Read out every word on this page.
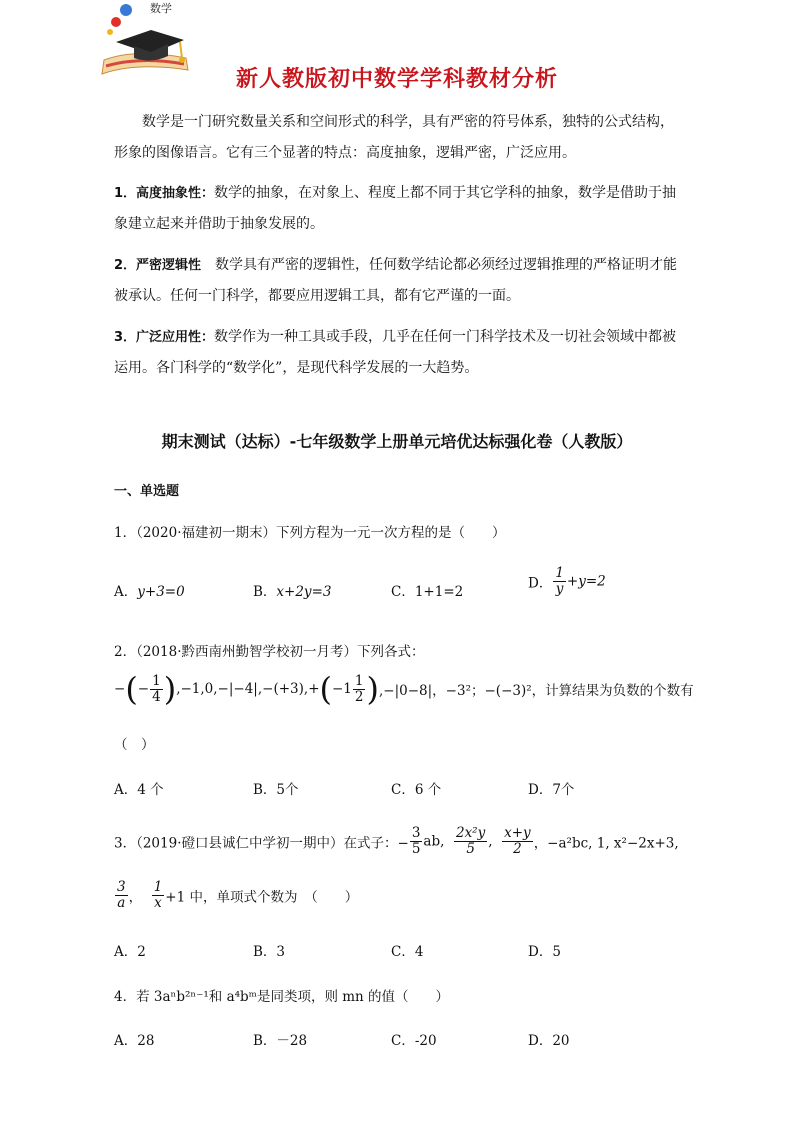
数学
新人教版初中数学学科教材分析
数学是一门研究数量关系和空间形式的科学，具有严密的符号体系，独特的公式结构，形象的图像语言。它有三个显著的特点：高度抽象，逻辑严密，广泛应用。
1．高度抽象性：数学的抽象，在对象上、程度上都不同于其它学科的抽象，数学是借助于抽象建立起来并借助于抽象发展的。
2．严密逻辑性　数学具有严密的逻辑性，任何数学结论都必须经过逻辑推理的严格证明才能被承认。任何一门科学，都要应用逻辑工具，都有它严谨的一面。
3．广泛应用性：数学作为一种工具或手段，几乎在任何一门科学技术及一切社会领域中都被运用。各门科学的“数学化”，是现代科学发展的一大趋势。
期末测试（达标）-七年级数学上册单元培优达标强化卷（人教版）
一、单选题
1．（2020·福建初一期末）下列方程为一元一次方程的是（　　）
A．y+3=0	B．x+2y=3	C．1+1=2
D． $\frac{1}{y} +y=2$
2．（2018·黔西南州勤智学校初一月考）下列各式：
−(− $\frac{1}{4} ),-1,0,-|-4|,-(+3),+(-1 \frac{1}{2} ),-|0-8|$，−3²；−(−3)²，计算结果为负数的个数有
（　）
A．4 个	B．5个	C．6 个	D．7个
3．（2019·磴口县诚仁中学初一期中）在式子：− $\frac{3}{5}$ ab, $\frac{\text{2x²y}}{5}$ , $\frac{x+y}{2}$ ，−a²bc, 1, x²−2x+3,
$\frac{3}{a}$ ， $\frac{1}{x} +1$ 中，单项式个数为　（　　）
A．2	B．3	C．4	D．5
4．若 3aⁿb²ⁿ⁻¹和 a⁴bᵐ是同类项，则 mn 的值（　　）
A．28	B．－28	C．-20	D．20
